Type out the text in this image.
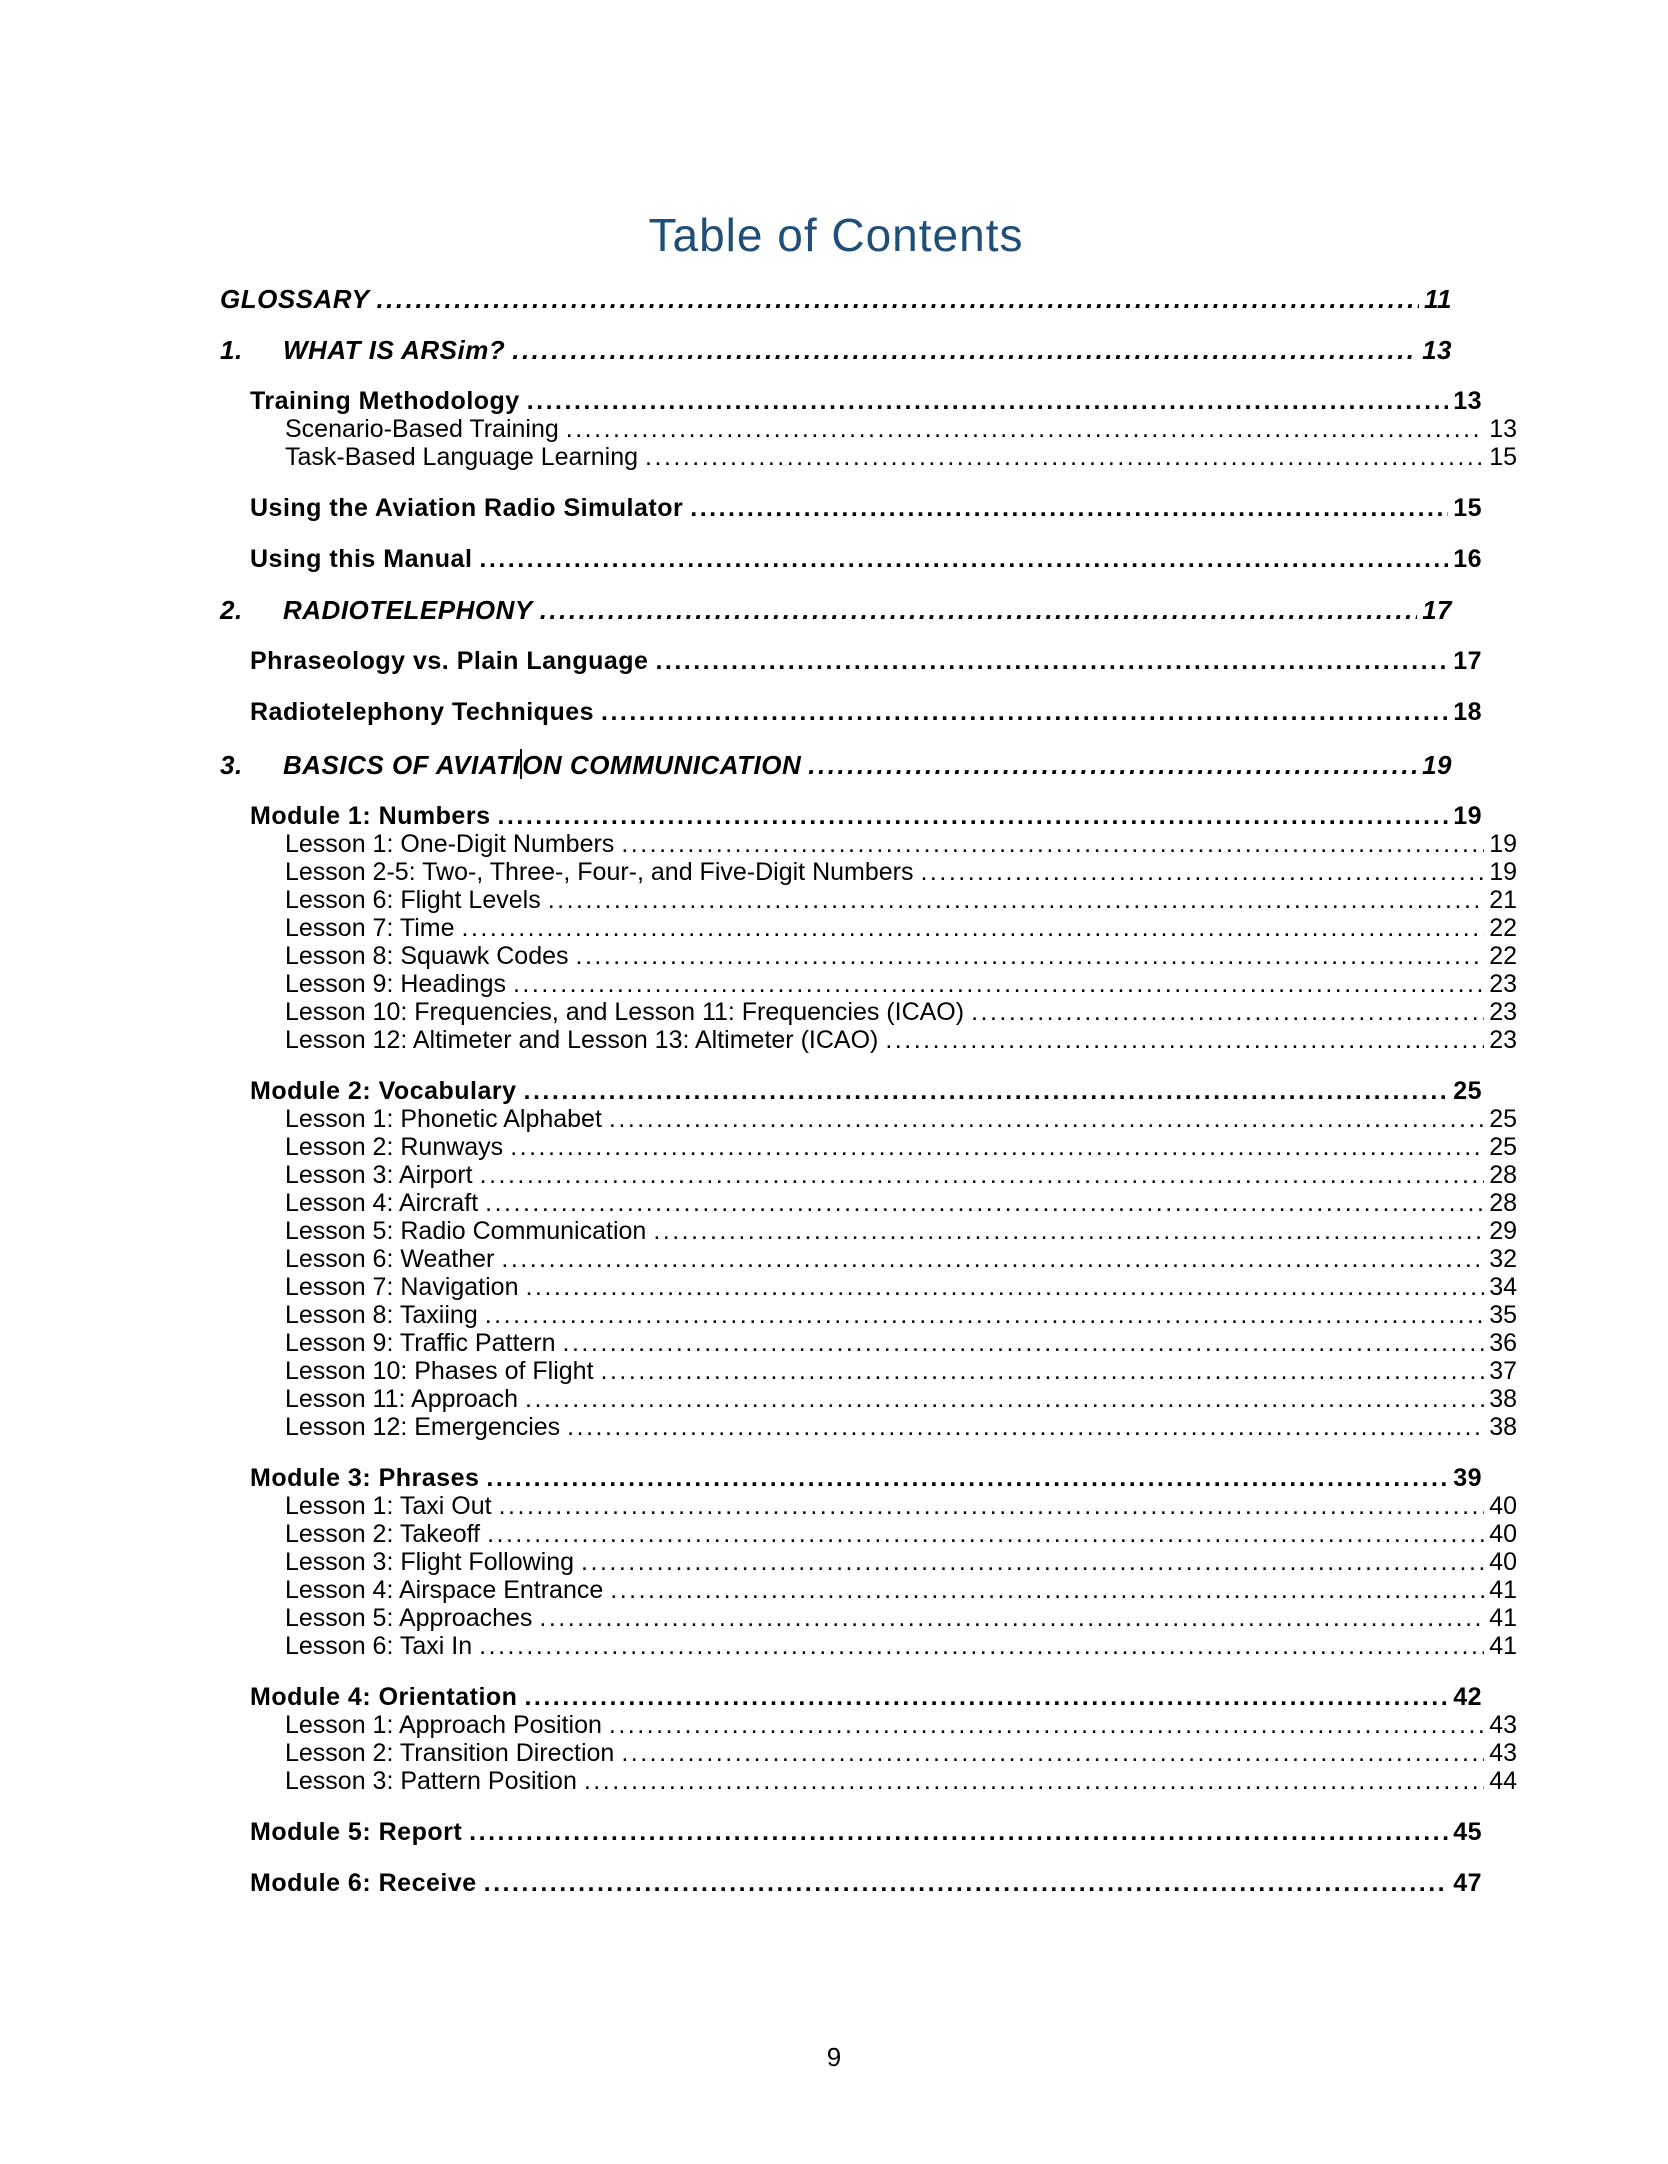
Table of Contents
GLOSSARY .....	11
1.	WHAT IS ARSim? .....	13
Training Methodology .....	13
Scenario-Based Training .....	13
Task-Based Language Learning .....	15
Using the Aviation Radio Simulator .....	15
Using this Manual .....	16
2.	RADIOTELEPHONY .....	17
Phraseology vs. Plain Language .....	17
Radiotelephony Techniques .....	18
3.	BASICS OF AVIATION COMMUNICATION .....	19
Module 1: Numbers .....	19
Lesson 1: One-Digit Numbers .....	19
Lesson 2-5: Two-, Three-, Four-, and Five-Digit Numbers .....	19
Lesson 6: Flight Levels .....	21
Lesson 7: Time .....	22
Lesson 8: Squawk Codes .....	22
Lesson 9: Headings .....	23
Lesson 10: Frequencies, and Lesson 11: Frequencies (ICAO) .....	23
Lesson 12: Altimeter and Lesson 13: Altimeter (ICAO) .....	23
Module 2: Vocabulary .....	25
Lesson 1: Phonetic Alphabet .....	25
Lesson 2: Runways .....	25
Lesson 3: Airport .....	28
Lesson 4: Aircraft .....	28
Lesson 5: Radio Communication .....	29
Lesson 6: Weather .....	32
Lesson 7: Navigation .....	34
Lesson 8: Taxiing .....	35
Lesson 9: Traffic Pattern .....	36
Lesson 10: Phases of Flight .....	37
Lesson 11: Approach .....	38
Lesson 12: Emergencies .....	38
Module 3: Phrases .....	39
Lesson 1: Taxi Out .....	40
Lesson 2: Takeoff .....	40
Lesson 3: Flight Following .....	40
Lesson 4: Airspace Entrance .....	41
Lesson 5: Approaches .....	41
Lesson 6: Taxi In .....	41
Module 4: Orientation .....	42
Lesson 1: Approach Position .....	43
Lesson 2: Transition Direction .....	43
Lesson 3: Pattern Position .....	44
Module 5: Report .....	45
Module 6: Receive .....	47
9
